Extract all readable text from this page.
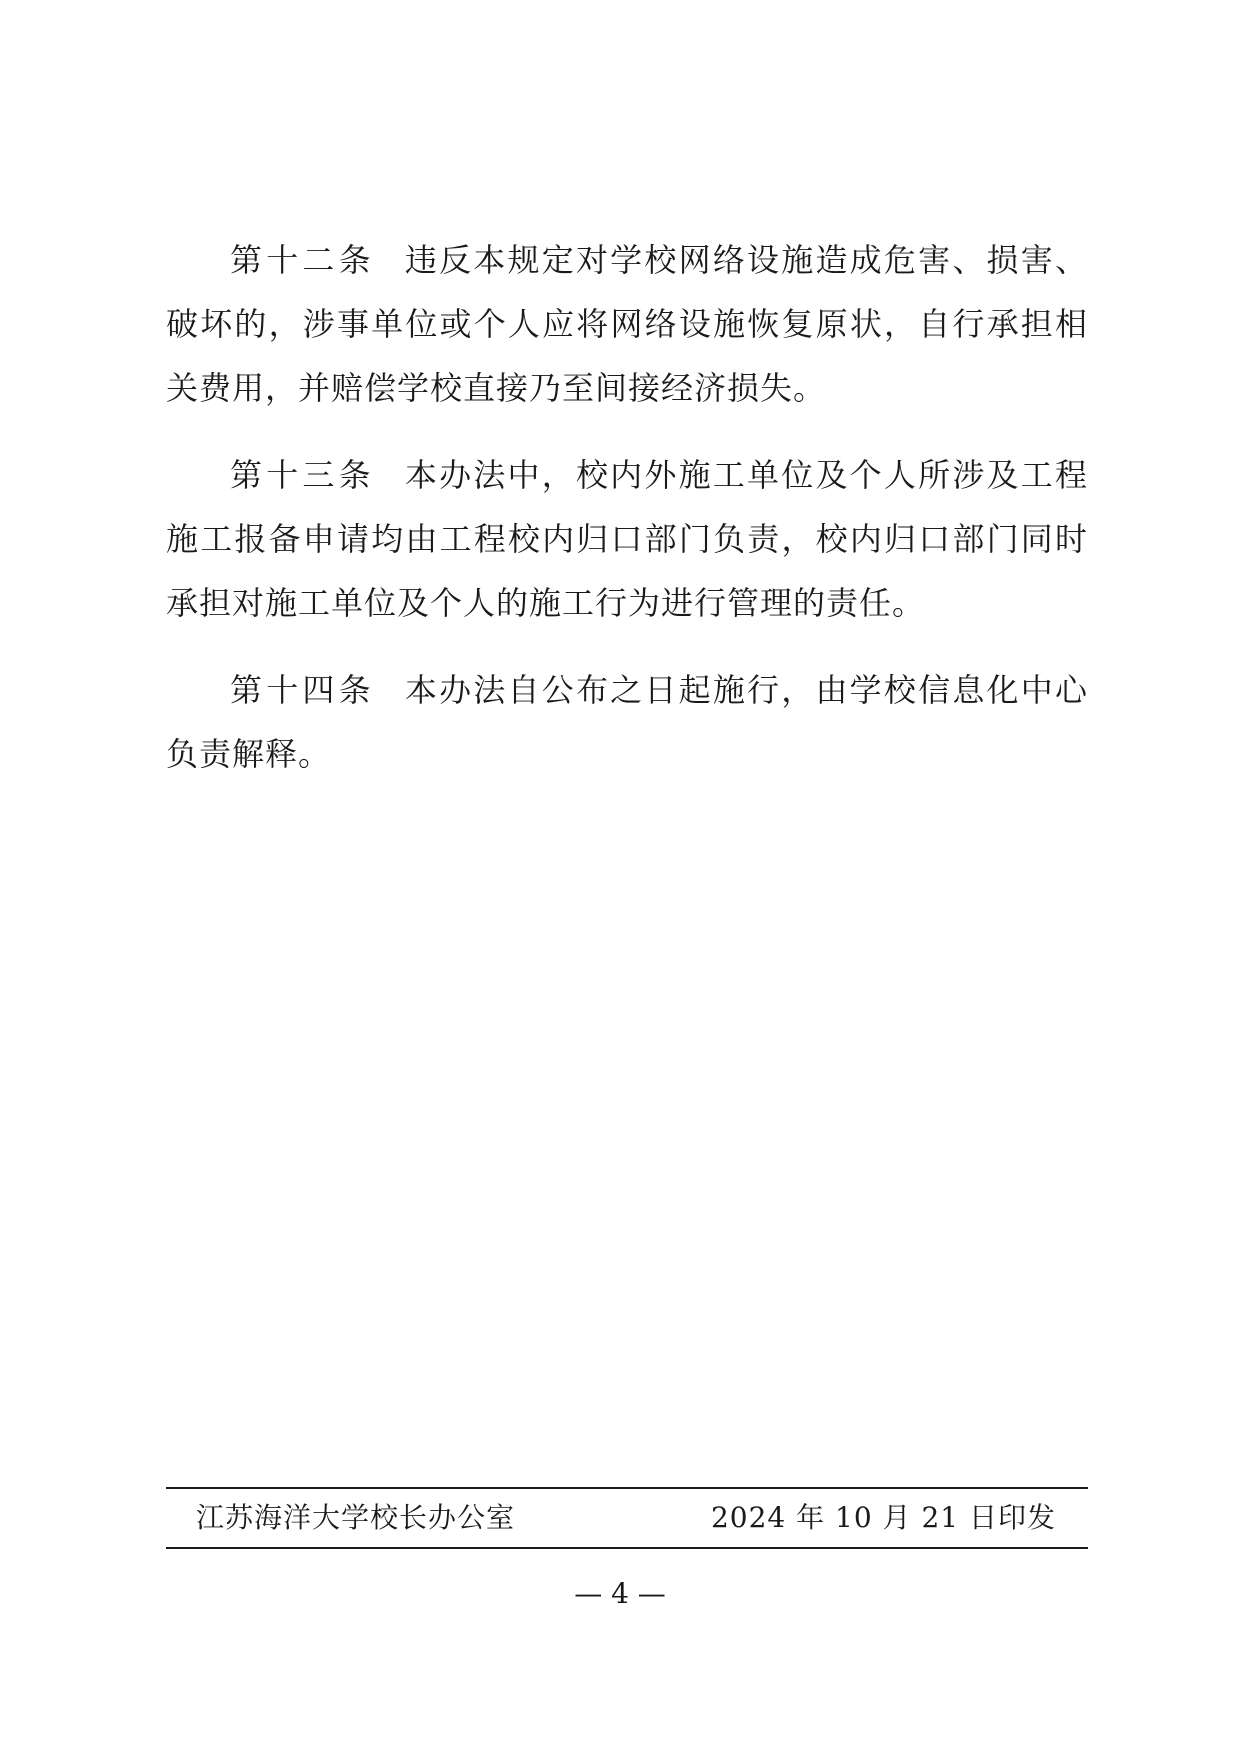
第十二条 违反本规定对学校网络设施造成危害、损害、破坏的，涉事单位或个人应将网络设施恢复原状，自行承担相关费用，并赔偿学校直接乃至间接经济损失。

第十三条 本办法中，校内外施工单位及个人所涉及工程施工报备申请均由工程校内归口部门负责，校内归口部门同时承担对施工单位及个人的施工行为进行管理的责任。

第十四条 本办法自公布之日起施行，由学校信息化中心负责解释。

江苏海洋大学校长办公室	2024 年 10 月 21 日印发
— 4 —
